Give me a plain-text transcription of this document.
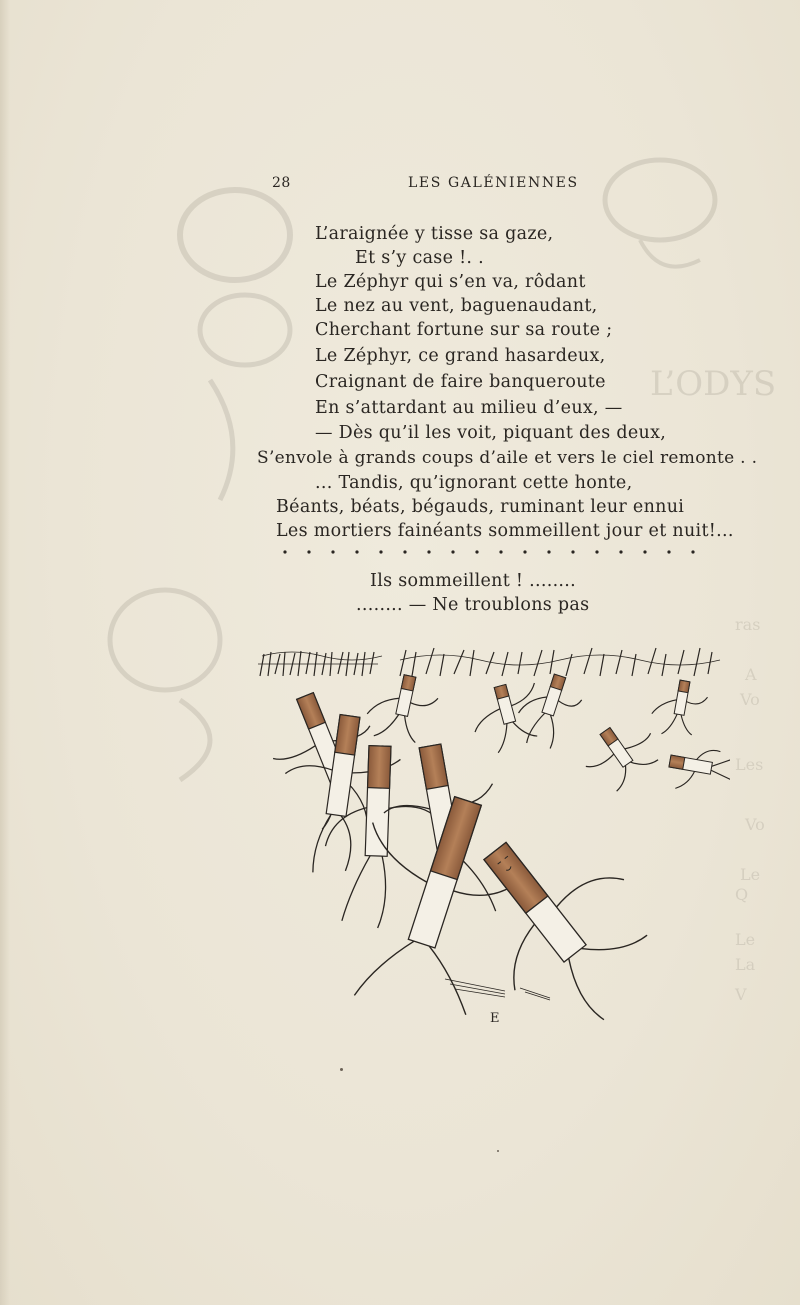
L’ODYS
ras
A
Vo
Les
Vo
Le
Q
Le
La
V
28	LES GALÉNIENNES
L’araignée y tisse sa gaze,
Et s’y case !. .
Le Zéphyr qui s’en va, rôdant
Le nez au vent, baguenaudant,
Cherchant fortune sur sa route ;
Le Zéphyr, ce grand hasardeux,
Craignant de faire banqueroute
En s’attardant au milieu d’eux, —
— Dès qu’il les voit, piquant des deux,
S’envole à grands coups d’aile et vers le ciel remonte . .
... Tandis, qu’ignorant cette honte,
Béants, béats, bégauds, ruminant leur ennui
Les mortiers fainéants sommeillent jour et nuit!...
Ils sommeillent ! ........
........ — Ne troublons pas
E
